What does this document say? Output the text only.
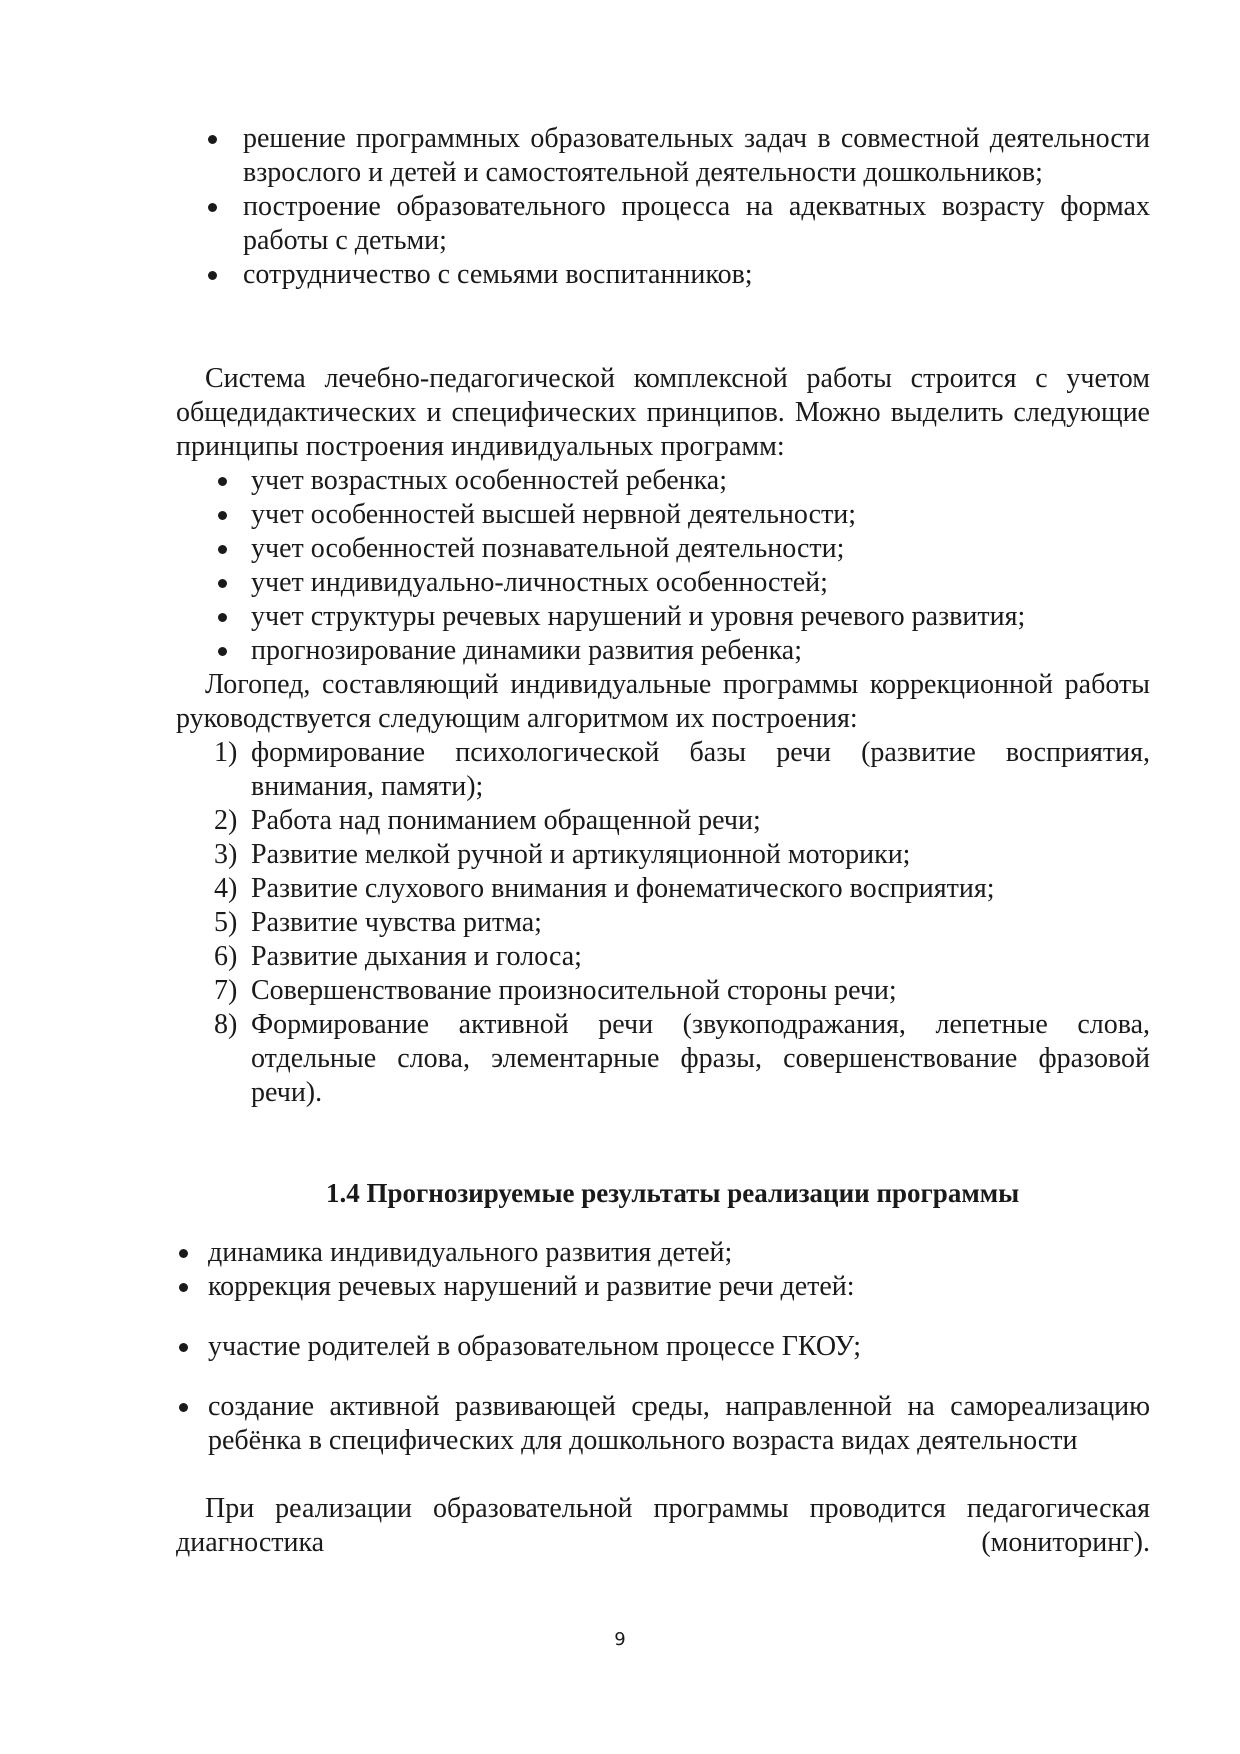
решение программных образовательных задач в совместной деятельности взрослого и детей и самостоятельной деятельности дошкольников;
построение образовательного процесса на адекватных возрасту формах работы с детьми;
сотрудничество с семьями воспитанников;
Система лечебно-педагогической комплексной работы строится с учетом общедидактических и специфических принципов. Можно выделить следующие принципы построения индивидуальных программ:
учет возрастных особенностей ребенка;
учет особенностей высшей нервной деятельности;
учет особенностей познавательной деятельности;
учет индивидуально-личностных особенностей;
учет структуры речевых нарушений и уровня речевого развития;
прогнозирование динамики развития ребенка;
Логопед, составляющий индивидуальные программы коррекционной работы руководствуется следующим алгоритмом их построения:
1) формирование психологической базы речи (развитие восприятия, внимания, памяти);
2) Работа над пониманием обращенной речи;
3) Развитие мелкой ручной и артикуляционной моторики;
4) Развитие слухового внимания и фонематического восприятия;
5) Развитие чувства ритма;
6) Развитие дыхания и голоса;
7) Совершенствование произносительной стороны речи;
8) Формирование активной речи (звукоподражания, лепетные слова, отдельные слова, элементарные фразы, совершенствование фразовой речи).
1.4 Прогнозируемые результаты реализации программы
динамика индивидуального развития детей;
коррекция речевых нарушений и развитие речи детей:
участие родителей в образовательном процессе ГКОУ;
создание активной развивающей среды, направленной на самореализацию ребёнка в специфических для дошкольного возраста видах деятельности
При реализации образовательной программы проводится педагогическая
диагностика	(мониторинг).
9
